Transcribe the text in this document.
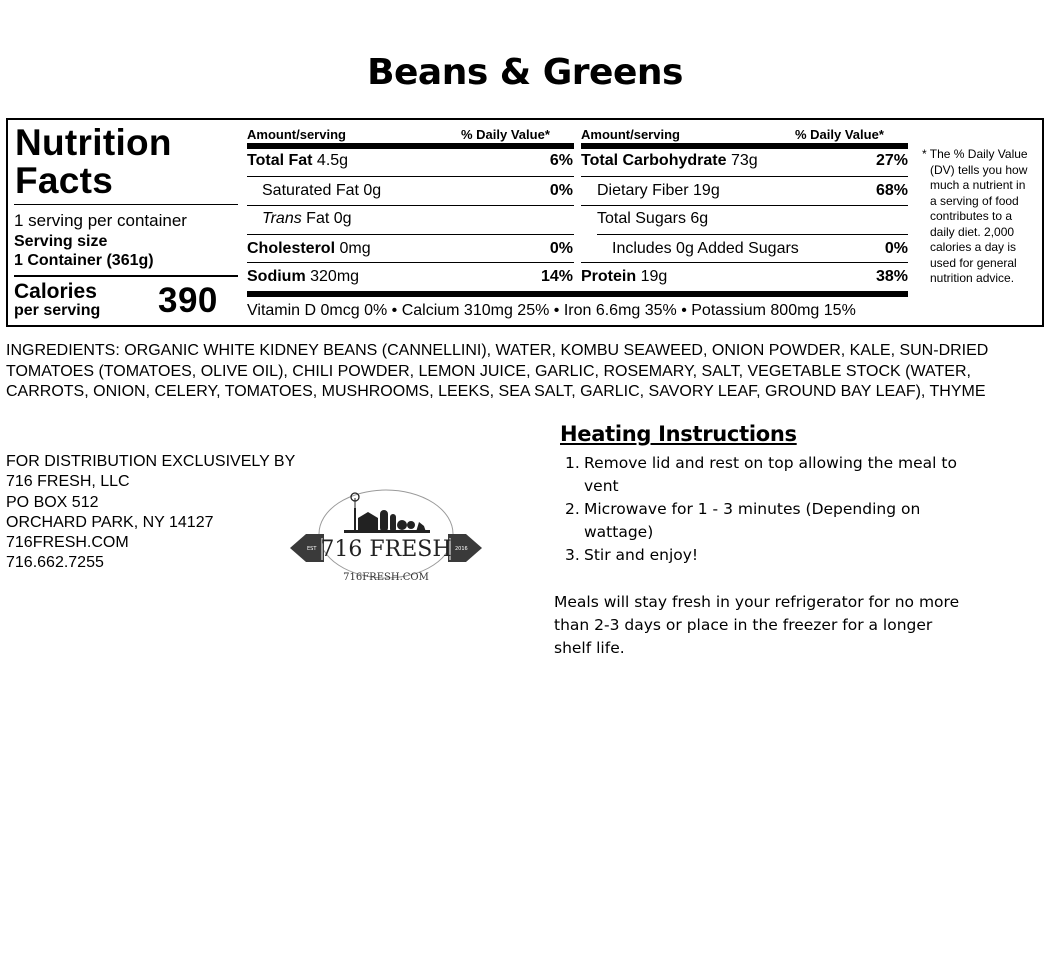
Beans & Greens
Nutrition
Facts
1 serving per container
Serving size
1 Container (361g)
Calories
per serving 390
Amount/serving	% Daily Value*
Total Fat 4.5g	6%
Saturated Fat 0g	0%
Trans Fat 0g
Cholesterol 0mg	0%
Sodium 320mg	14%
Amount/serving	% Daily Value*
Total Carbohydrate 73g	27%
Dietary Fiber 19g	68%
Total Sugars 6g
Includes 0g Added Sugars	0%
Protein 19g	38%
Vitamin D 0mcg 0% • Calcium 310mg 25% • Iron 6.6mg 35% • Potassium 800mg 15%
* The % Daily Value
(DV) tells you how
much a nutrient in
a serving of food
contributes to a
daily diet. 2,000
calories a day is
used for general
nutrition advice.
INGREDIENTS: ORGANIC WHITE KIDNEY BEANS (CANNELLINI), WATER, KOMBU SEAWEED, ONION POWDER, KALE, SUN-DRIED TOMATOES (TOMATOES, OLIVE OIL), CHILI POWDER, LEMON JUICE, GARLIC, ROSEMARY, SALT, VEGETABLE STOCK (WATER, CARROTS, ONION, CELERY, TOMATOES, MUSHROOMS, LEEKS, SEA SALT, GARLIC, SAVORY LEAF, GROUND BAY LEAF), THYME
FOR DISTRIBUTION EXCLUSIVELY BY
716 FRESH, LLC
PO BOX 512
ORCHARD PARK, NY 14127
716FRESH.COM
716.662.7255
EST	2016
716 FRESH
716FRESH.COM
Heating Instructions
1. Remove lid and rest on top allowing the meal to vent
2. Microwave for 1 - 3 minutes (Depending on wattage)
3. Stir and enjoy!
Meals will stay fresh in your refrigerator for no more than 2-3 days or place in the freezer for a longer shelf life.
